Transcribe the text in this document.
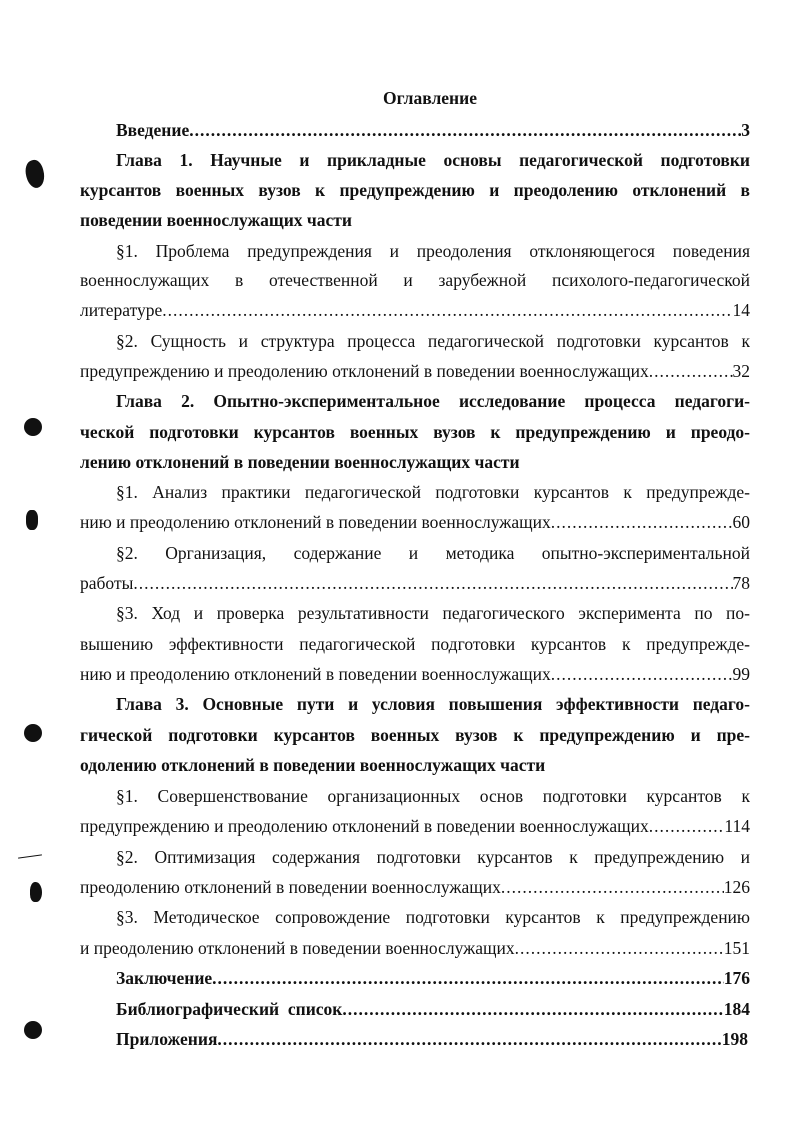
Оглавление
Введение .....	3
Глава 1. Научные и прикладные основы педагогической подготовки
курсантов военных вузов к предупреждению и преодолению отклонений в
поведении военнослужащих части
§1. Проблема предупреждения и преодоления отклоняющегося поведения
военнослужащих в отечественной и зарубежной психолого-педагогической
литературе .....	14
§2. Сущность и структура процесса педагогической подготовки курсантов к
предупреждению и преодолению отклонений в поведении военнослужащих .....	32
Глава 2. Опытно-экспериментальное исследование процесса педагоги-
ческой подготовки курсантов военных вузов к предупреждению и преодо-
лению отклонений в поведении военнослужащих части
§1. Анализ практики педагогической подготовки курсантов к предупрежде-
нию и преодолению отклонений в поведении военнослужащих .....	60
§2. Организация, содержание и методика опытно-экспериментальной
работы .....	78
§3. Ход и проверка результативности педагогического эксперимента по по-
вышению эффективности педагогической подготовки курсантов к предупрежде-
нию и преодолению отклонений в поведении военнослужащих .....	99
Глава 3. Основные пути и условия повышения эффективности педаго-
гической подготовки курсантов военных вузов к предупреждению и пре-
одолению отклонений в поведении военнослужащих части
§1. Совершенствование организационных основ подготовки курсантов к
предупреждению и преодолению отклонений в поведении военнослужащих .....	114
§2. Оптимизация содержания подготовки курсантов к предупреждению и
преодолению отклонений в поведении военнослужащих .....	126
§3. Методическое сопровождение подготовки курсантов к предупреждению
и преодолению отклонений в поведении военнослужащих .....	151
Заключение .....	176
Библиографический  список .....	184
Приложения .....	198
